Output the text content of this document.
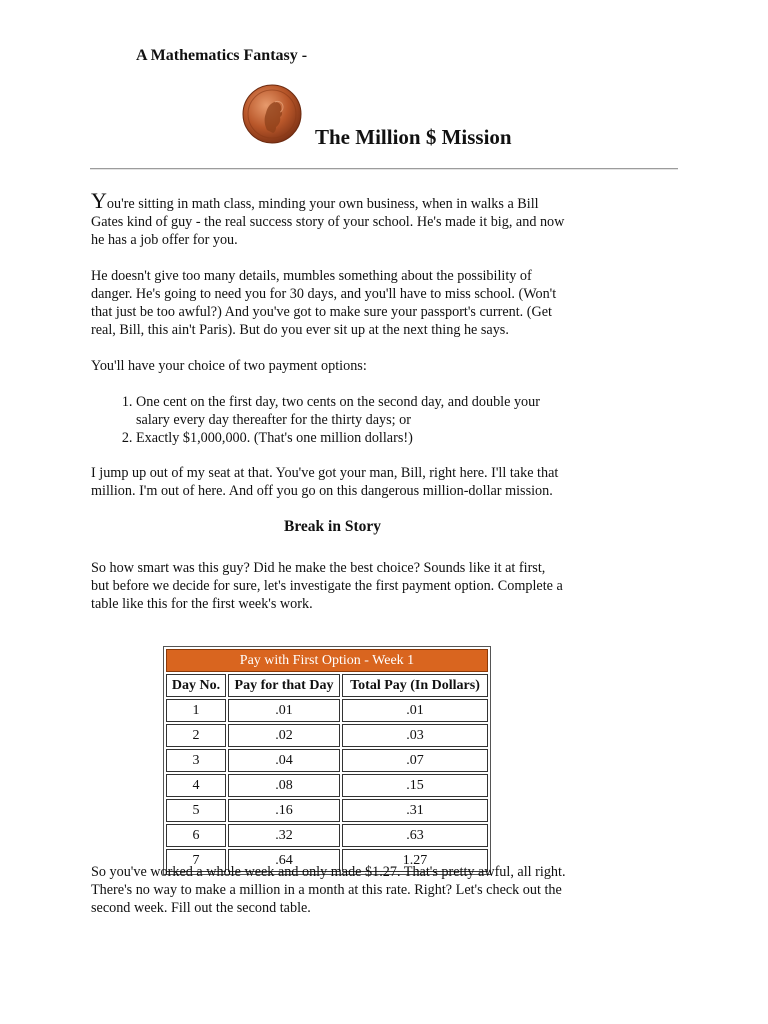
A Mathematics Fantasy -
The Million $ Mission

You're sitting in math class, minding your own business, when in walks a Bill Gates kind of guy - the real success story of your school. He's made it big, and now he has a job offer for you.

He doesn't give too many details, mumbles something about the possibility of danger. He's going to need you for 30 days, and you'll have to miss school. (Won't that just be too awful?) And you've got to make sure your passport's current. (Get real, Bill, this ain't Paris). But do you ever sit up at the next thing he says.

You'll have your choice of two payment options:

1. One cent on the first day, two cents on the second day, and double your salary every day thereafter for the thirty days; or
2. Exactly $1,000,000. (That's one million dollars!)

I jump up out of my seat at that. You've got your man, Bill, right here. I'll take that million. I'm out of here. And off you go on this dangerous million-dollar mission.

Break in Story

So how smart was this guy? Did he make the best choice? Sounds like it at first, but before we decide for sure, let's investigate the first payment option. Complete a table like this for the first week's work.

Pay with First Option - Week 1		
Day No.	Pay for that Day	Total Pay (In Dollars)
1	.01	.01
2	.02	.03
3	.04	.07
4	.08	.15
5	.16	.31
6	.32	.63
7	.64	1.27

So you've worked a whole week and only made $1.27. That's pretty awful, all right. There's no way to make a million in a month at this rate. Right? Let's check out the second week. Fill out the second table.
